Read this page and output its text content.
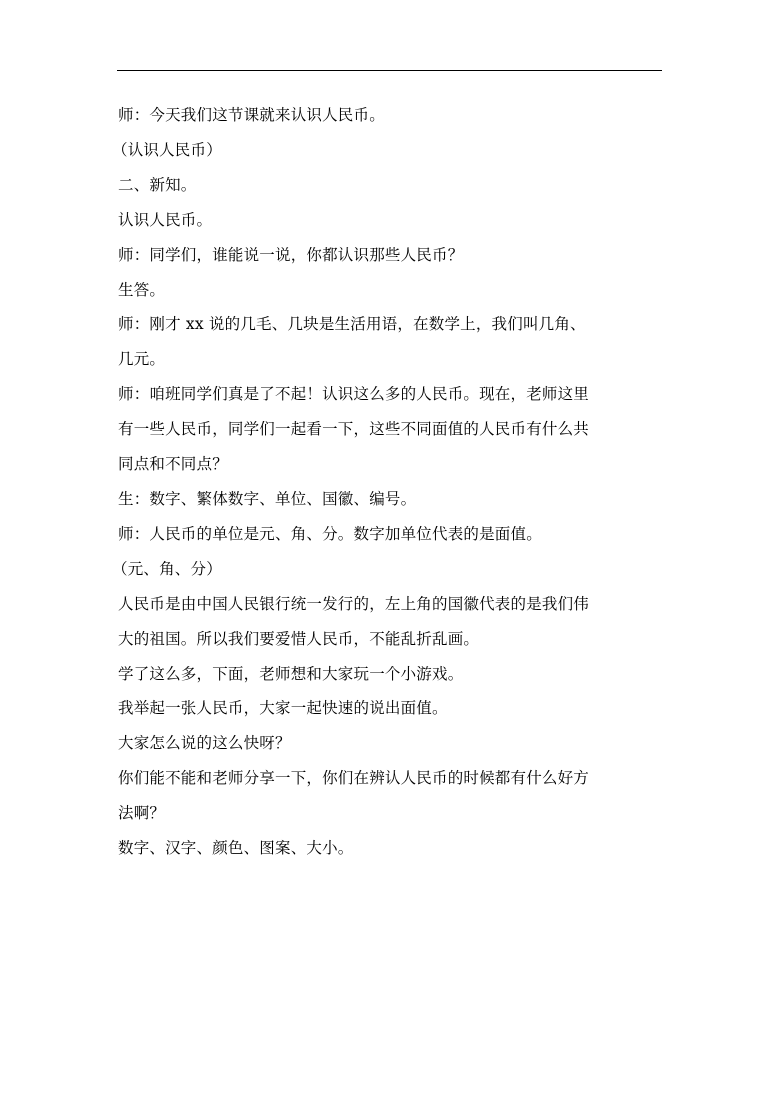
师：今天我们这节课就来认识人民币。

（认识人民币）

二、新知。

认识人民币。

师：同学们，谁能说一说，你都认识那些人民币？

生答。

师：刚才 xx 说的几毛、几块是生活用语，在数学上，我们叫几角、

几元。

师：咱班同学们真是了不起！认识这么多的人民币。现在，老师这里

有一些人民币，同学们一起看一下，这些不同面值的人民币有什么共

同点和不同点？

生：数字、繁体数字、单位、国徽、编号。

师：人民币的单位是元、角、分。数字加单位代表的是面值。

（元、角、分）

人民币是由中国人民银行统一发行的，左上角的国徽代表的是我们伟

大的祖国。所以我们要爱惜人民币，不能乱折乱画。

学了这么多，下面，老师想和大家玩一个小游戏。

我举起一张人民币，大家一起快速的说出面值。

大家怎么说的这么快呀？

你们能不能和老师分享一下，你们在辨认人民币的时候都有什么好方

法啊？

数字、汉字、颜色、图案、大小。
